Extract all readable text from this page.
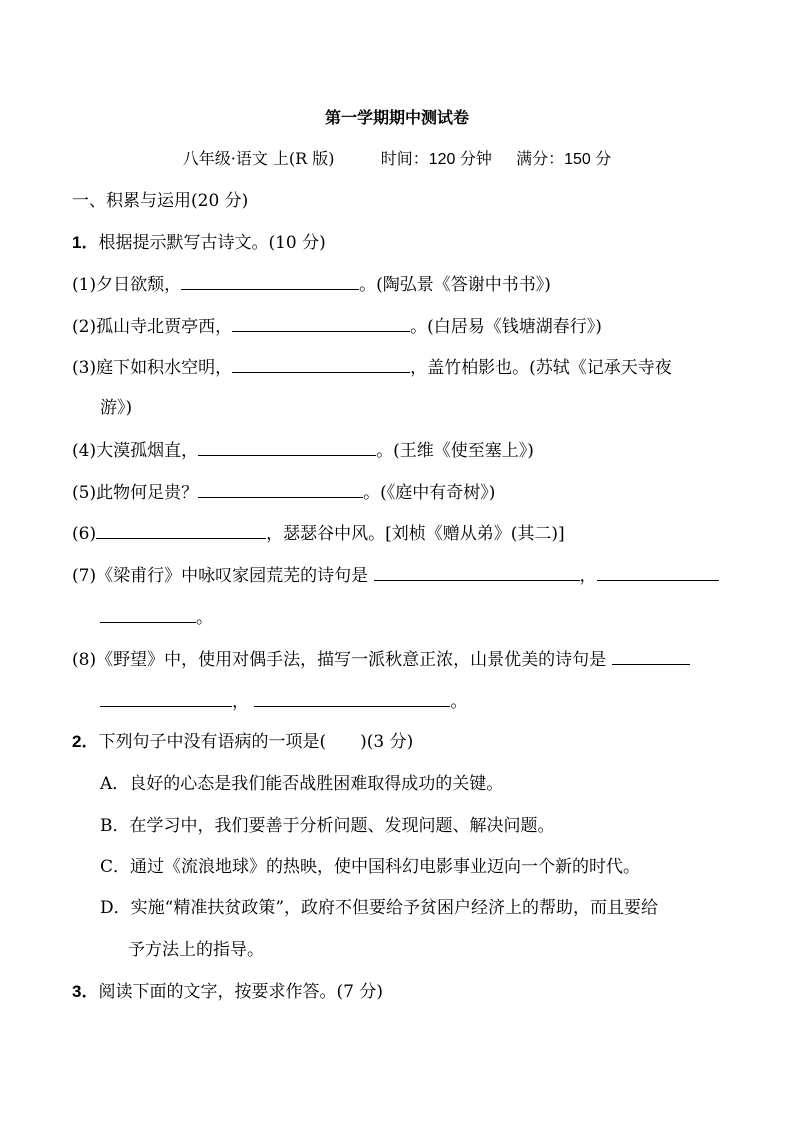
第一学期期中测试卷
八年级·语文 上(R 版)	时间：120 分钟 满分：150 分
一、积累与运用(20 分)
1．根据提示默写古诗文。(10 分)
(1)夕日欲颓，	。(陶弘景《答谢中书书》)
(2)孤山寺北贾亭西，	。(白居易《钱塘湖春行》)
(3)庭下如积水空明，	，盖竹柏影也。(苏轼《记承天寺夜
游》)
(4)大漠孤烟直，	。(王维《使至塞上》)
(5)此物何足贵？	。(《庭中有奇树》)
(6)	，瑟瑟谷中风。[刘桢《赠从弟》(其二)]
(7)《梁甫行》中咏叹家园荒芜的诗句是	，
。
(8)《野望》中，使用对偶手法，描写一派秋意正浓，山景优美的诗句是
，	。
2．下列句子中没有语病的一项是(　　)(3 分)
A．良好的心态是我们能否战胜困难取得成功的关键。
B．在学习中，我们要善于分析问题、发现问题、解决问题。
C．通过《流浪地球》的热映，使中国科幻电影事业迈向一个新的时代。
D．实施“精准扶贫政策”，政府不但要给予贫困户经济上的帮助，而且要给
予方法上的指导。
3．阅读下面的文字，按要求作答。(7 分)
